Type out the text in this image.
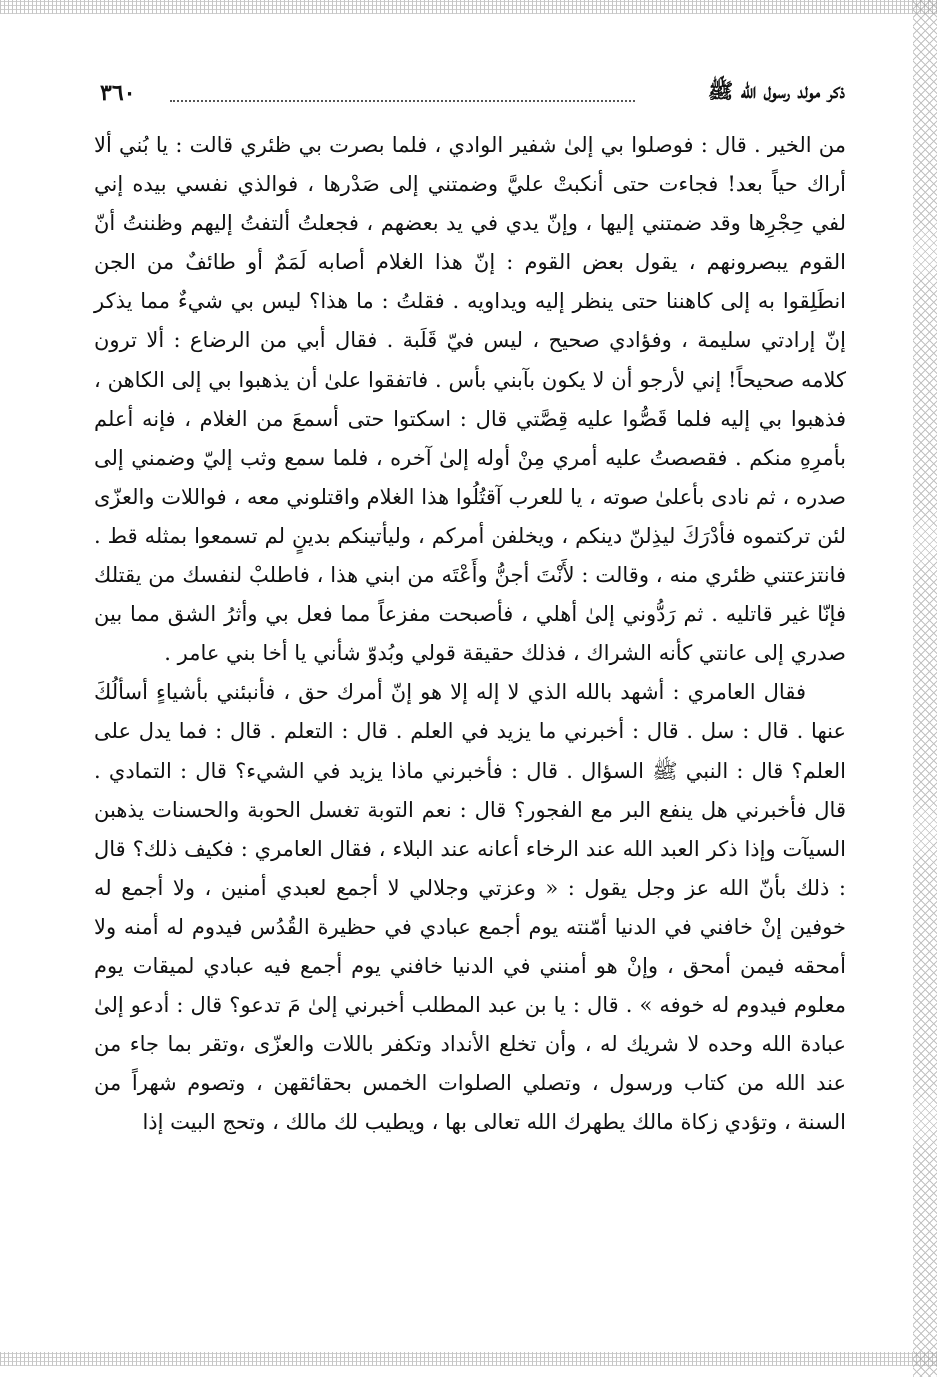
ذكر مولد رسول الله ﷺ
٣٦٠

من الخير . قال : فوصلوا بي إلىٰ شفير الوادي ، فلما بصرت بي ظئري قالت : يا بُني ألا أراك حياً بعد! فجاءت حتى أنكبتْ عليَّ وضمتني إلى صَدْرها ، فوالذي نفسي بيده إني لفي حِجْرِها وقد ضمتني إليها ، وإنّ يدي في يد بعضهم ، فجعلتُ ألتفتُ إليهم وظننتُ أنّ القوم يبصرونهم ، يقول بعض القوم : إنّ هذا الغلام أصابه لَمَمٌ أو طائفٌ من الجن انطَلِقوا به إلى كاهننا حتى ينظر إليه ويداويه . فقلتُ : ما هذا؟ ليس بي شيءٌ مما يذكر إنّ إرادتي سليمة ، وفؤادي صحيح ، ليس فيّ قَلَبة . فقال أبي من الرضاع : ألا ترون كلامه صحيحاً! إني لأرجو أن لا يكون بآبني بأس . فاتفقوا علىٰ أن يذهبوا بي إلى الكاهن ، فذهبوا بي إليه فلما قَصُّوا عليه قِصَّتي قال : اسكتوا حتى أسمعَ من الغلام ، فإنه أعلم بأمرِهِ منكم . فقصصتُ عليه أمري مِنْ أوله إلىٰ آخره ، فلما سمع وثب إليّ وضمني إلى صدره ، ثم نادى بأعلىٰ صوته ، يا للعرب آقتُلُوا هذا الغلام واقتلوني معه ، فواللات والعزّى لئن تركتموه فأدْرَكَ ليذِلنّ دينكم ، ويخلفن أمركم ، وليأتينكم بدينٍ لم تسمعوا بمثله قط . فانتزعتني ظئري منه ، وقالت : لأَنْتَ أجنُّ وأَعْتَه من ابني هذا ، فاطلبْ لنفسك من يقتلك فإنّا غير قاتليه . ثم رَدُّوني إلىٰ أهلي ، فأصبحت مفزعاً مما فعل بي وأثرُ الشق مما بين صدري إلى عانتي كأنه الشراك ، فذلك حقيقة قولي وبُدوّ شأني يا أخا بني عامر .

فقال العامري : أشهد بالله الذي لا إله إلا هو إنّ أمرك حق ، فأنبئني بأشياءٍ أسألُكَ عنها . قال : سل . قال : أخبرني ما يزيد في العلم . قال : التعلم . قال : فما يدل على العلم؟ قال : النبي ﷺ السؤال . قال : فأخبرني ماذا يزيد في الشيء؟ قال : التمادي . قال فأخبرني هل ينفع البر مع الفجور؟ قال : نعم التوبة تغسل الحوبة والحسنات يذهبن السيآت وإذا ذكر العبد الله عند الرخاء أعانه عند البلاء ، فقال العامري : فكيف ذلك؟ قال : ذلك بأنّ الله عز وجل يقول : « وعزتي وجلالي لا أجمع لعبدي أمنين ، ولا أجمع له خوفين إنْ خافني في الدنيا أمّنته يوم أجمع عبادي في حظيرة القُدُس فيدوم له أمنه ولا أمحقه فيمن أمحق ، وإنْ هو أمنني في الدنيا خافني يوم أجمع فيه عبادي لميقات يوم معلوم فيدوم له خوفه » . قال : يا بن عبد المطلب أخبرني إلىٰ مَ تدعو؟ قال : أدعو إلىٰ عبادة الله وحده لا شريك له ، وأن تخلع الأنداد وتكفر باللات والعزّى ،وتقر بما جاء من عند الله من كتاب ورسول ، وتصلي الصلوات الخمس بحقائقهن ، وتصوم شهراً من السنة ، وتؤدي زكاة مالك يطهرك الله تعالى بها ، ويطيب لك مالك ، وتحج البيت إذا
